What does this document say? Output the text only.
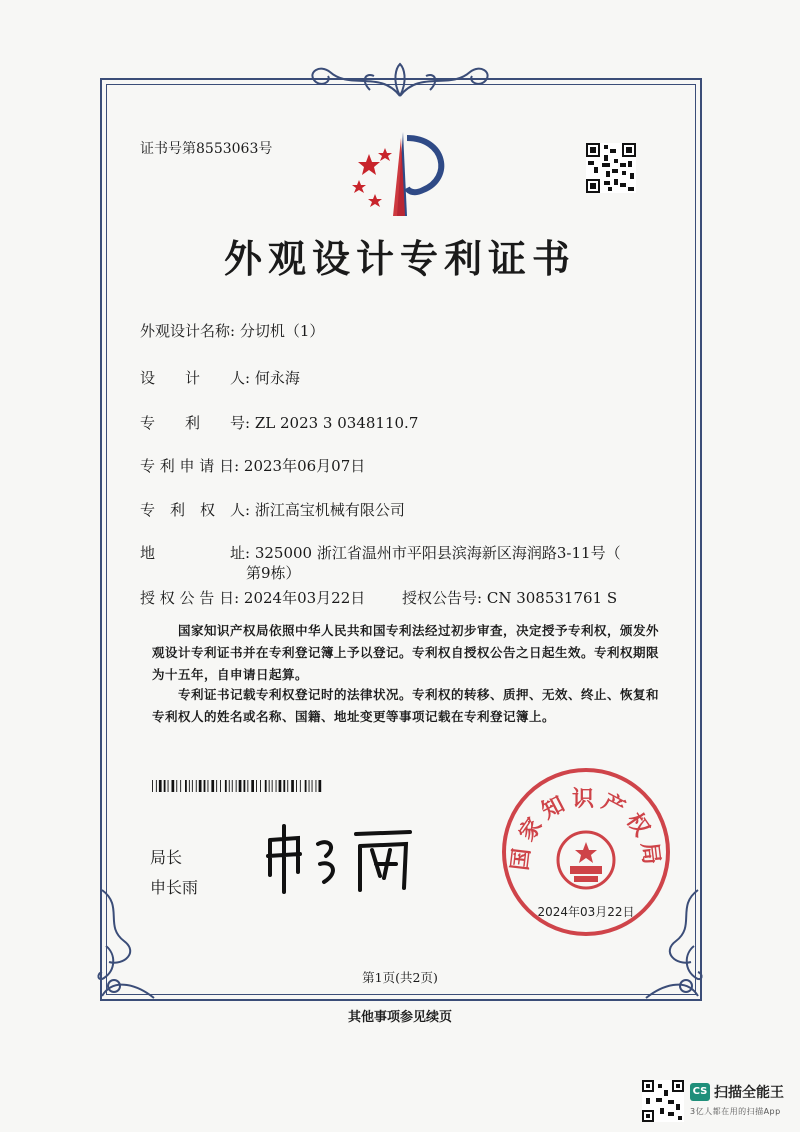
证书号第8553063号
外观设计专利证书
外观设计名称: 分切机（1）
设　　计　　人: 何永海
专　　利　　号: ZL 2023 3 0348110.7
专 利 申 请 日: 2023年06月07日
专　利　权　人: 浙江高宝机械有限公司
地　　　　　址: 325000 浙江省温州市平阳县滨海新区海润路3-11号（
第9栋）
授 权 公 告 日: 2024年03月22日 授权公告号: CN 308531761 S
国家知识产权局依照中华人民共和国专利法经过初步审查，决定授予专利权，颁发外观设计专利证书并在专利登记簿上予以登记。专利权自授权公告之日起生效。专利权期限为十五年，自申请日起算。
专利证书记载专利权登记时的法律状况。专利权的转移、质押、无效、终止、恢复和专利权人的姓名或名称、国籍、地址变更等事项记载在专利登记簿上。
局长
申长雨
国家知识产权局
2024年03月22日
第1页(共2页)
其他事项参见续页
CS 扫描全能王
3亿人都在用的扫描App
